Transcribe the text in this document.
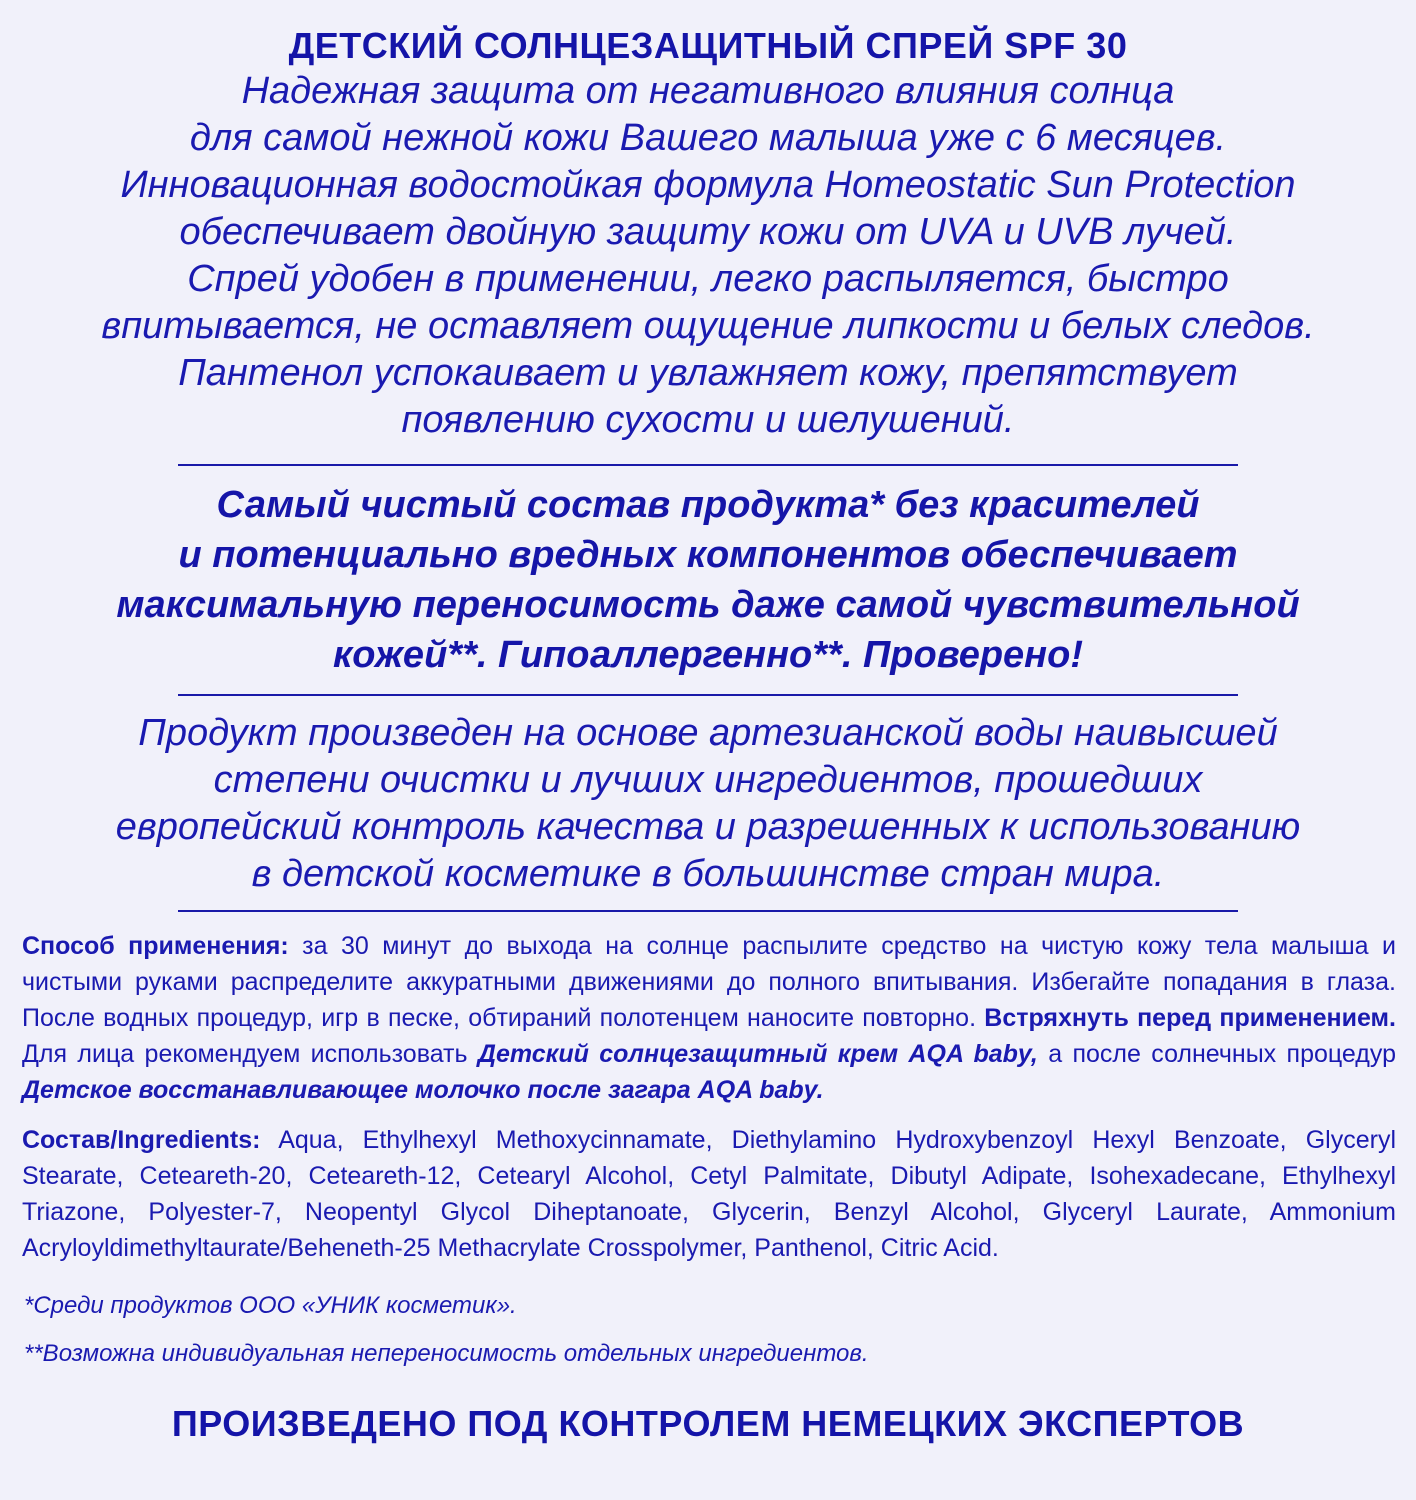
ДЕТСКИЙ СОЛНЦЕЗАЩИТНЫЙ СПРЕЙ SPF 30
Надежная защита от негативного влияния солнца
для самой нежной кожи Вашего малыша уже с 6 месяцев.
Инновационная водостойкая формула Homeostatic Sun Protection
обеспечивает двойную защиту кожи от UVA и UVB лучей.
Спрей удобен в применении, легко распыляется, быстро
впитывается, не оставляет ощущение липкости и белых следов.
Пантенол успокаивает и увлажняет кожу, препятствует
появлению сухости и шелушений.
Самый чистый состав продукта* без красителей
и потенциально вредных компонентов обеспечивает
максимальную переносимость даже самой чувствительной
кожей**. Гипоаллергенно**. Проверено!
Продукт произведен на основе артезианской воды наивысшей
степени очистки и лучших ингредиентов, прошедших
европейский контроль качества и разрешенных к использованию
в детской косметике в большинстве стран мира.
Способ применения: за 30 минут до выхода на солнце распылите средство на чистую кожу тела малыша и чистыми руками распределите аккуратными движениями до полного впитывания. Избегайте попадания в глаза. После водных процедур, игр в песке, обтираний полотенцем наносите повторно. Встряхнуть перед применением. Для лица рекомендуем использовать Детский солнцезащитный крем AQA baby, а после солнечных процедур Детское восстанавливающее молочко после загара AQA baby.
Состав/Ingredients: Aqua, Ethylhexyl Methoxycinnamate, Diethylamino Hydroxybenzoyl Hexyl Benzoate, Glyceryl Stearate, Ceteareth-20, Ceteareth-12, Cetearyl Alcohol, Cetyl Palmitate, Dibutyl Adipate, Isohexadecane, Ethylhexyl Triazone, Polyester-7, Neopentyl Glycol Diheptanoate, Glycerin, Benzyl Alcohol, Glyceryl Laurate, Ammonium Acryloyldimethyltaurate/Beheneth-25 Methacrylate Crosspolymer, Panthenol, Citric Acid.
*Среди продуктов ООО «УНИК косметик».
**Возможна индивидуальная непереносимость отдельных ингредиентов.
ПРОИЗВЕДЕНО ПОД КОНТРОЛЕМ НЕМЕЦКИХ ЭКСПЕРТОВ
